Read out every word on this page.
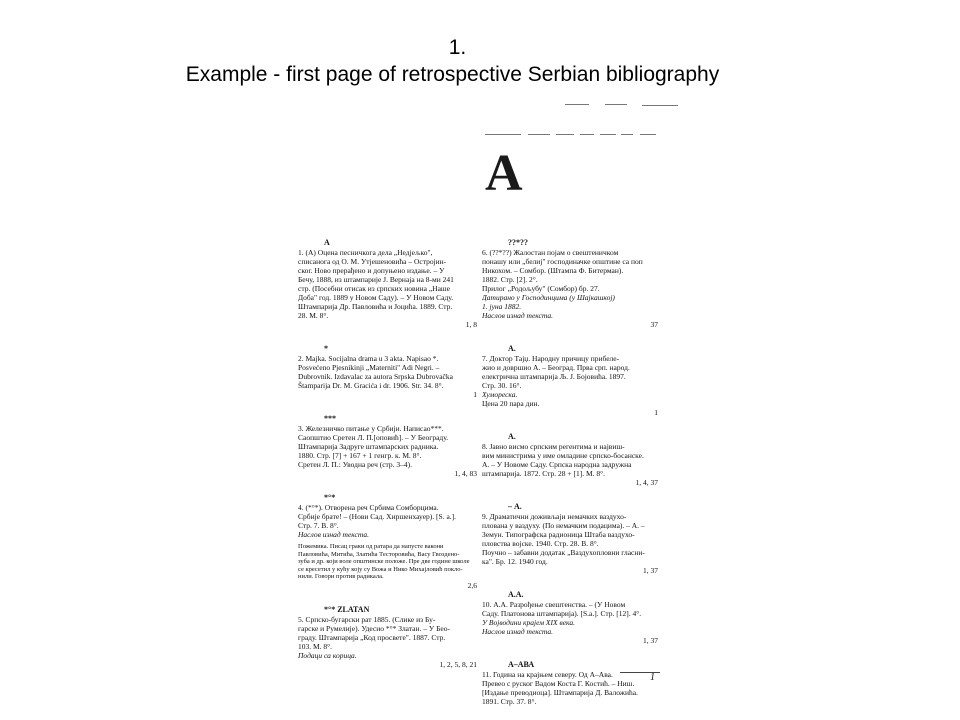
1.
Example - first page of retrospective Serbian bibliography
A
А
1. (А) Оцена песничкога дела „Недјељко",
списанога од О. М. Утјешеновића – Остројин-
ског. Ново прерађено и допуњено издање. – У
Бечу, 1888, из штампарије Ј. Вернаја на 8-ми 241
стр. (Посебни отисак из српских новина „Наше
Доба" год. 1889 у Новом Саду). – У Новом Саду.
Штампарија Др. Павловића и Јоцића. 1889. Стр.
28. М. 8°.
1, 8
*
2. Majka. Socijalna drama u 3 akta. Napisao *.
Posvećeno Pjesnikinji „Materniti" Adi Negri. –
Dubrovnik. Izdavalac za autora Srpska Dubrovačka
Štamparija Dr. M. Gracića i dr. 1906. Str. 34. 8°.
1
***
3. Железничко питање у Србији. Написао***.
Саопштио Сретен Л. П.[оповић]. – У Београду.
Штампарија Задруге штампарских радника.
1880. Стр. [7] + 167 + 1 генгр. к. М. 8°.
Сретен Л. П.: Уводна реч (стр. 3–4).
1, 4, 83
*°*
4. (*°*). Отворена реч Србима Сомборцима.
Србије брате! – (Нови Сад. Хиршенхауер). [S. a.].
Стр. 7. В. 8°.
Наслов изнад текста.
Пожемика. Писац граки од ратара да напусте вакони
Павловића, Митића, Златића Тесторовића, Васу Гвоздено-
зуба и др. који воле општинске положе. Пре две године школе
се кресетил у кућу коју су Вожа и Нико Михајловић покло-
нили. Говори против радикала.
2,6
*°* ZLATAN
5. Српско-бугарски рат 1885. (Слике из Бу-
гарске и Румелије). Удесио *°* Златан. – У Бео-
граду. Штампарија „Код просвете". 1887. Стр.
103. М. 8°.
Подаци са корица.
1, 2, 5, 8, 21
??*??
6. (??*??) Жалостан појам о свештеничком
понашу или „белиј" господиначке општине са поп
Никохом. – Сомбор. (Штампа Ф. Битерман).
1882. Стр. [2]. 2°.
Прилог „Родољубу" (Сомбор) бр. 27.
Датирано у Господинцима (у Шајкашкој)
1. јуна 1882.
Наслов изнад текста.
37
А.
7. Доктор Тајџ. Народну причицу прибеле-
жио и довршио А. – Београд. Прва срп. народ.
електрична штампарија Љ. Ј. Бојовића. 1897.
Стр. 30. 16°.
Хумореска.
Цена 20 пара дин.
1
А.
8. Јавно висмо српским регентима и највиш-
вим министрима у име омладине српско-босанске.
А. – У Новоме Саду. Српска народна задружна
штампарија. 1872. Стр. 28 + [1]. М. 8°.
1, 4, 37
– А.
9. Драматични доживљаји немачких ваздухо-
плована у ваздуху. (По немачким подацима). – А. –
Земун. Типографска радионица Штаба ваздухо-
пловства војске. 1940. Стр. 28. В. 8°.
Поучно – забавни додатак „Ваздухопловни гласни-
ка". Бр. 12. 1940 год.
1, 37
А.А.
10. А.А. Разрођење свештенства. – (У Новом
Саду. Платонова штампарија). [S.a.]. Стр. [12]. 4°.
У Војводини крајем XIX века.
Наслов изнад текста.
1, 37
А–АВА
11. Година на крајњем северу. Од А–Ава.
Превео с руског Вадом Коста Г. Костић. – Ниш.
[Издање преводиоца]. Штампарија Д. Валожића.
1891. Стр. 37. 8°.
1
